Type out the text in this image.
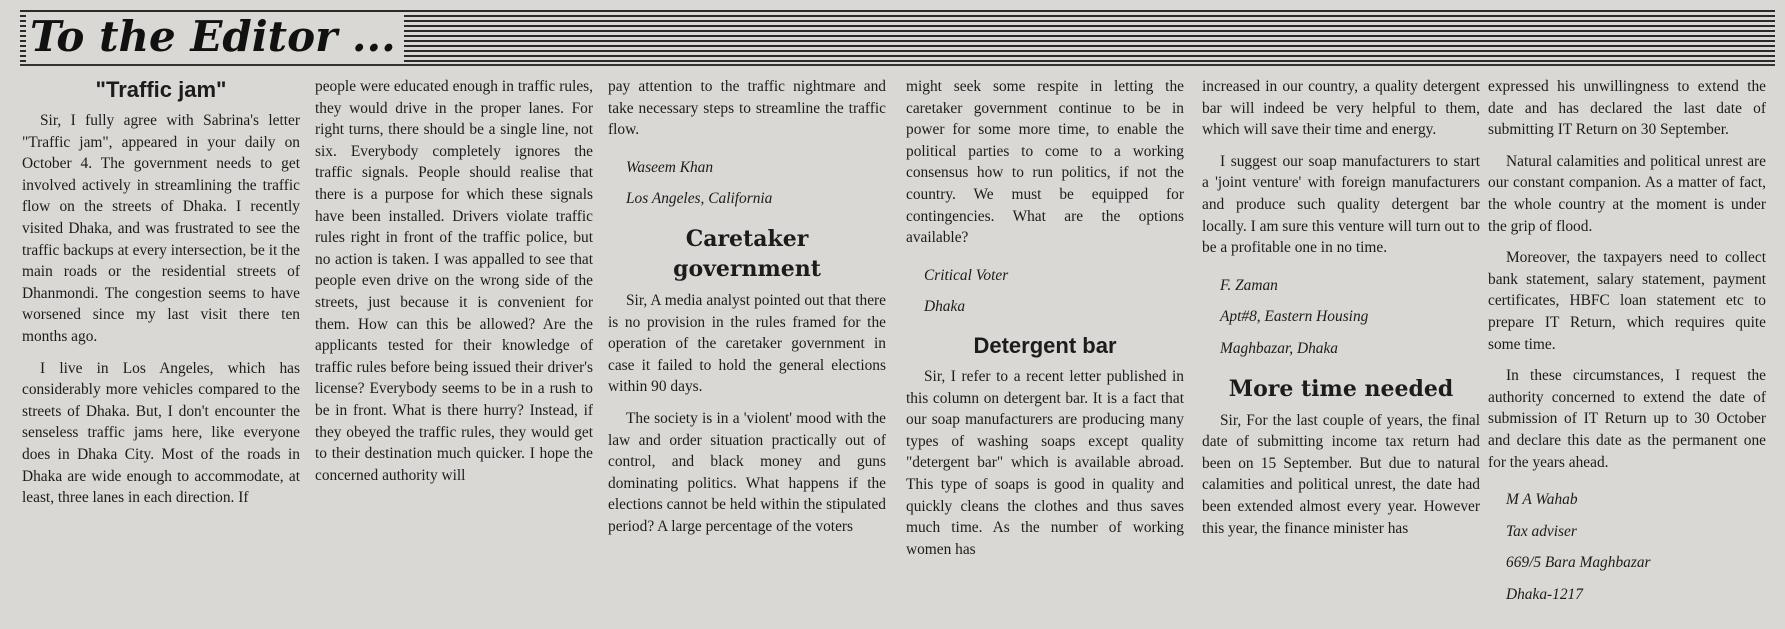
To the Editor ...
"Traffic jam"

Sir, I fully agree with Sabrina's letter "Traffic jam", appeared in your daily on October 4. The government needs to get involved actively in streamlining the traffic flow on the streets of Dhaka. I recently visited Dhaka, and was frustrated to see the traffic backups at every intersection, be it the main roads or the residential streets of Dhanmondi. The congestion seems to have worsened since my last visit there ten months ago.

I live in Los Angeles, which has considerably more vehicles compared to the streets of Dhaka. But, I don't encounter the senseless traffic jams here, like everyone does in Dhaka City. Most of the roads in Dhaka are wide enough to accommodate, at least, three lanes in each direction. If

people were educated enough in traffic rules, they would drive in the proper lanes. For right turns, there should be a single line, not six. Everybody completely ignores the traffic signals. People should realise that there is a purpose for which these signals have been installed. Drivers violate traffic rules right in front of the traffic police, but no action is taken. I was appalled to see that people even drive on the wrong side of the streets, just because it is convenient for them. How can this be allowed? Are the applicants tested for their knowledge of traffic rules before being issued their driver's license? Everybody seems to be in a rush to be in front. What is there hurry? Instead, if they obeyed the traffic rules, they would get to their destination much quicker. I hope the concerned authority will

pay attention to the traffic nightmare and take necessary steps to streamline the traffic flow.

Waseem Khan

Los Angeles, California

Caretaker government

Sir, A media analyst pointed out that there is no provision in the rules framed for the operation of the caretaker government in case it failed to hold the general elections within 90 days.

The society is in a 'violent' mood with the law and order situation practically out of control, and black money and guns dominating politics. What happens if the elections cannot be held within the stipulated period? A large percentage of the voters

might seek some respite in letting the caretaker government continue to be in power for some more time, to enable the political parties to come to a working consensus how to run politics, if not the country. We must be equipped for contingencies. What are the options available?

Critical Voter

Dhaka

Detergent bar

Sir, I refer to a recent letter published in this column on detergent bar. It is a fact that our soap manufacturers are producing many types of washing soaps except quality "detergent bar" which is available abroad. This type of soaps is good in quality and quickly cleans the clothes and thus saves much time. As the number of working women has

increased in our country, a quality detergent bar will indeed be very helpful to them, which will save their time and energy.

I suggest our soap manufacturers to start a 'joint venture' with foreign manufacturers and produce such quality detergent bar locally. I am sure this venture will turn out to be a profitable one in no time.

F. Zaman

Apt#8, Eastern Housing

Maghbazar, Dhaka

More time needed

Sir, For the last couple of years, the final date of submitting income tax return had been on 15 September. But due to natural calamities and political unrest, the date had been extended almost every year. However this year, the finance minister has

expressed his unwillingness to extend the date and has declared the last date of submitting IT Return on 30 September.

Natural calamities and political unrest are our constant companion. As a matter of fact, the whole country at the moment is under the grip of flood.

Moreover, the taxpayers need to collect bank statement, salary statement, payment certificates, HBFC loan statement etc to prepare IT Return, which requires quite some time.

In these circumstances, I request the authority concerned to extend the date of submission of IT Return up to 30 October and declare this date as the permanent one for the years ahead.

M A Wahab

Tax adviser

669/5 Bara Maghbazar

Dhaka-1217
